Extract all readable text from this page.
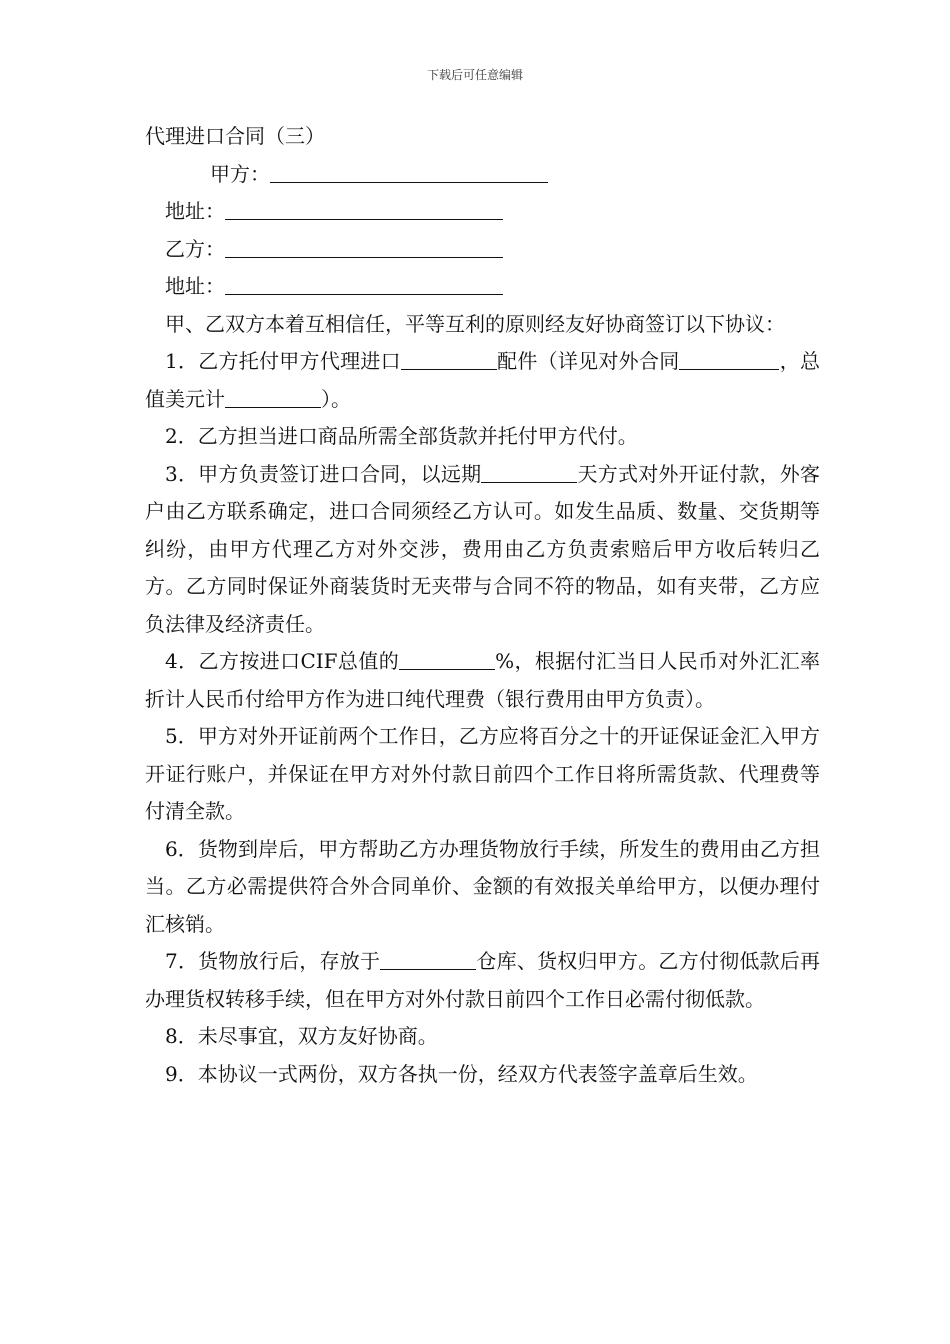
下载后可任意编辑

代理进口合同（三）

甲方：

地址：

乙方：

地址：

甲、乙双方本着互相信任，平等互利的原则经友好协商签订以下协议：

1．乙方托付甲方代理进口	配件（详见对外合同	，总值美元计	）。

2．乙方担当进口商品所需全部货款并托付甲方代付。

3．甲方负责签订进口合同，以远期	天方式对外开证付款，外客户由乙方联系确定，进口合同须经乙方认可。如发生品质、数量、交货期等纠纷，由甲方代理乙方对外交涉，费用由乙方负责索赔后甲方收后转归乙方。乙方同时保证外商装货时无夹带与合同不符的物品，如有夹带，乙方应负法律及经济责任。

4．乙方按进口CIF总值的	%，根据付汇当日人民币对外汇汇率折计人民币付给甲方作为进口纯代理费（银行费用由甲方负责）。

5．甲方对外开证前两个工作日，乙方应将百分之十的开证保证金汇入甲方开证行账户，并保证在甲方对外付款日前四个工作日将所需货款、代理费等付清全款。

6．货物到岸后，甲方帮助乙方办理货物放行手续，所发生的费用由乙方担当。乙方必需提供符合外合同单价、金额的有效报关单给甲方，以便办理付汇核销。

7．货物放行后，存放于	仓库、货权归甲方。乙方付彻低款后再办理货权转移手续，但在甲方对外付款日前四个工作日必需付彻低款。

8．未尽事宜，双方友好协商。

9．本协议一式两份，双方各执一份，经双方代表签字盖章后生效。
